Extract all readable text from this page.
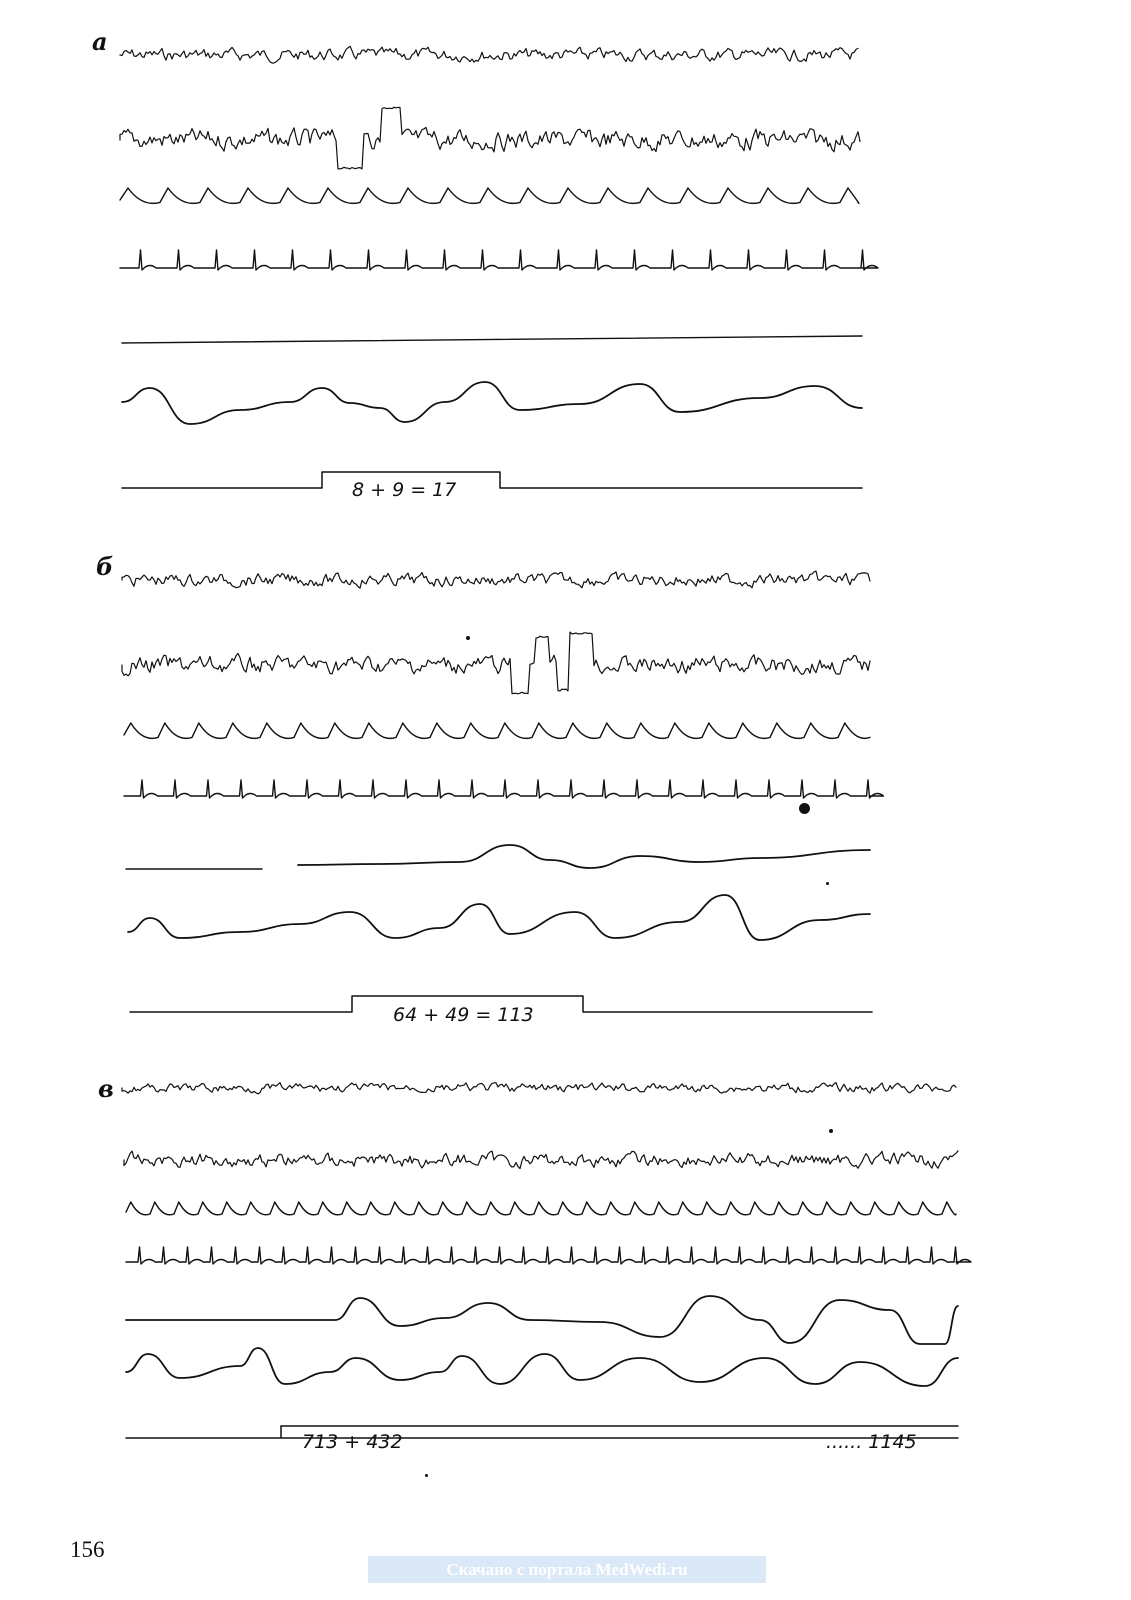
а
б
в
8 + 9 = 17
64 + 49 = 113
713 + 432	...... 1145
156
Скачано с портала MedWedi.ru
